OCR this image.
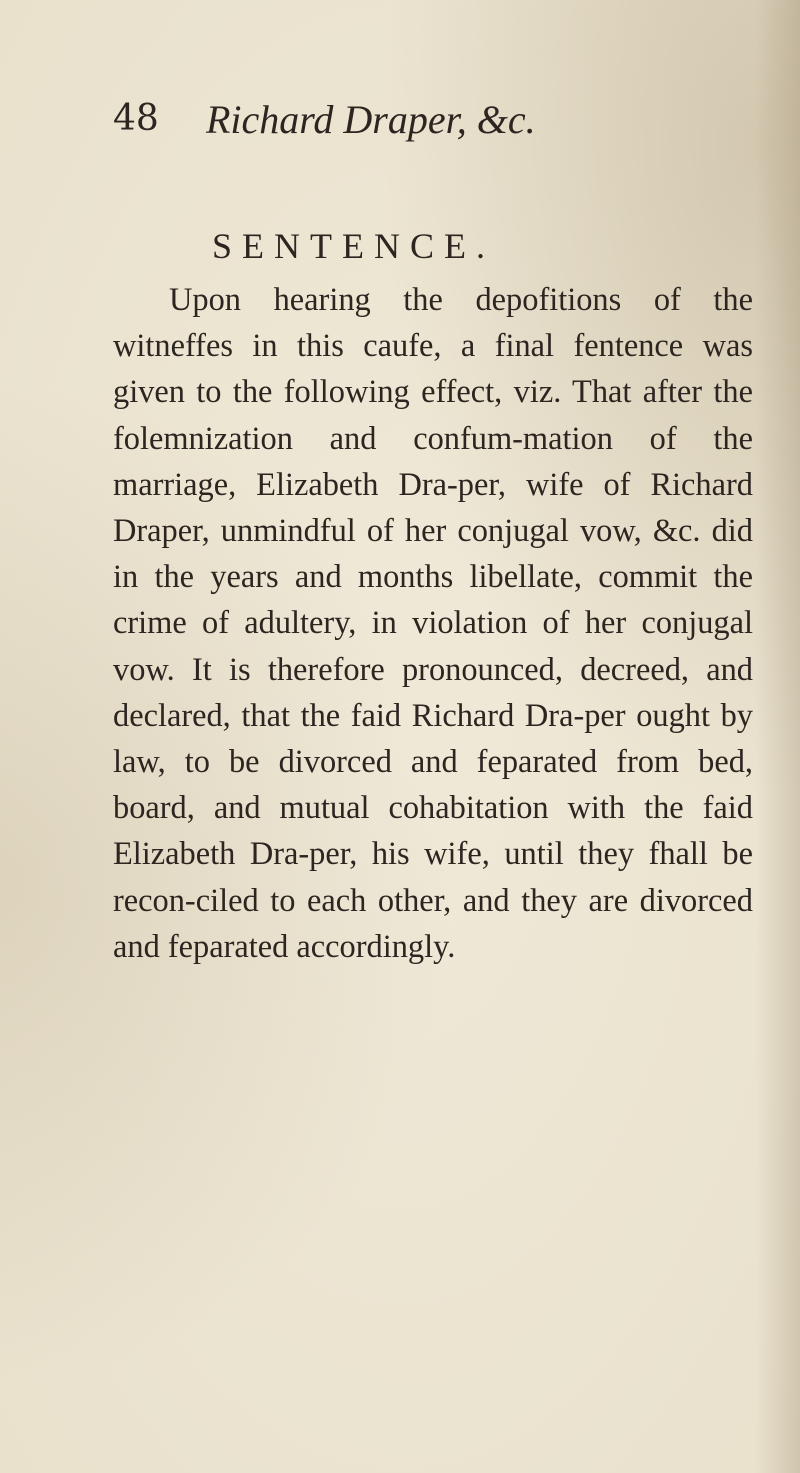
48 Richard Draper, &c.
SENTENCE.

Upon hearing the depofitions of the witneffes in this caufe, a final fentence was given to the following effect, viz. That after the folemnization and confum-mation of the marriage, Elizabeth Dra-per, wife of Richard Draper, unmindful of her conjugal vow, &c. did in the years and months libellate, commit the crime of adultery, in violation of her conjugal vow. It is therefore pronounced, decreed, and declared, that the faid Richard Dra-per ought by law, to be divorced and feparated from bed, board, and mutual cohabitation with the faid Elizabeth Dra-per, his wife, until they fhall be recon-ciled to each other, and they are divorced and feparated accordingly.
